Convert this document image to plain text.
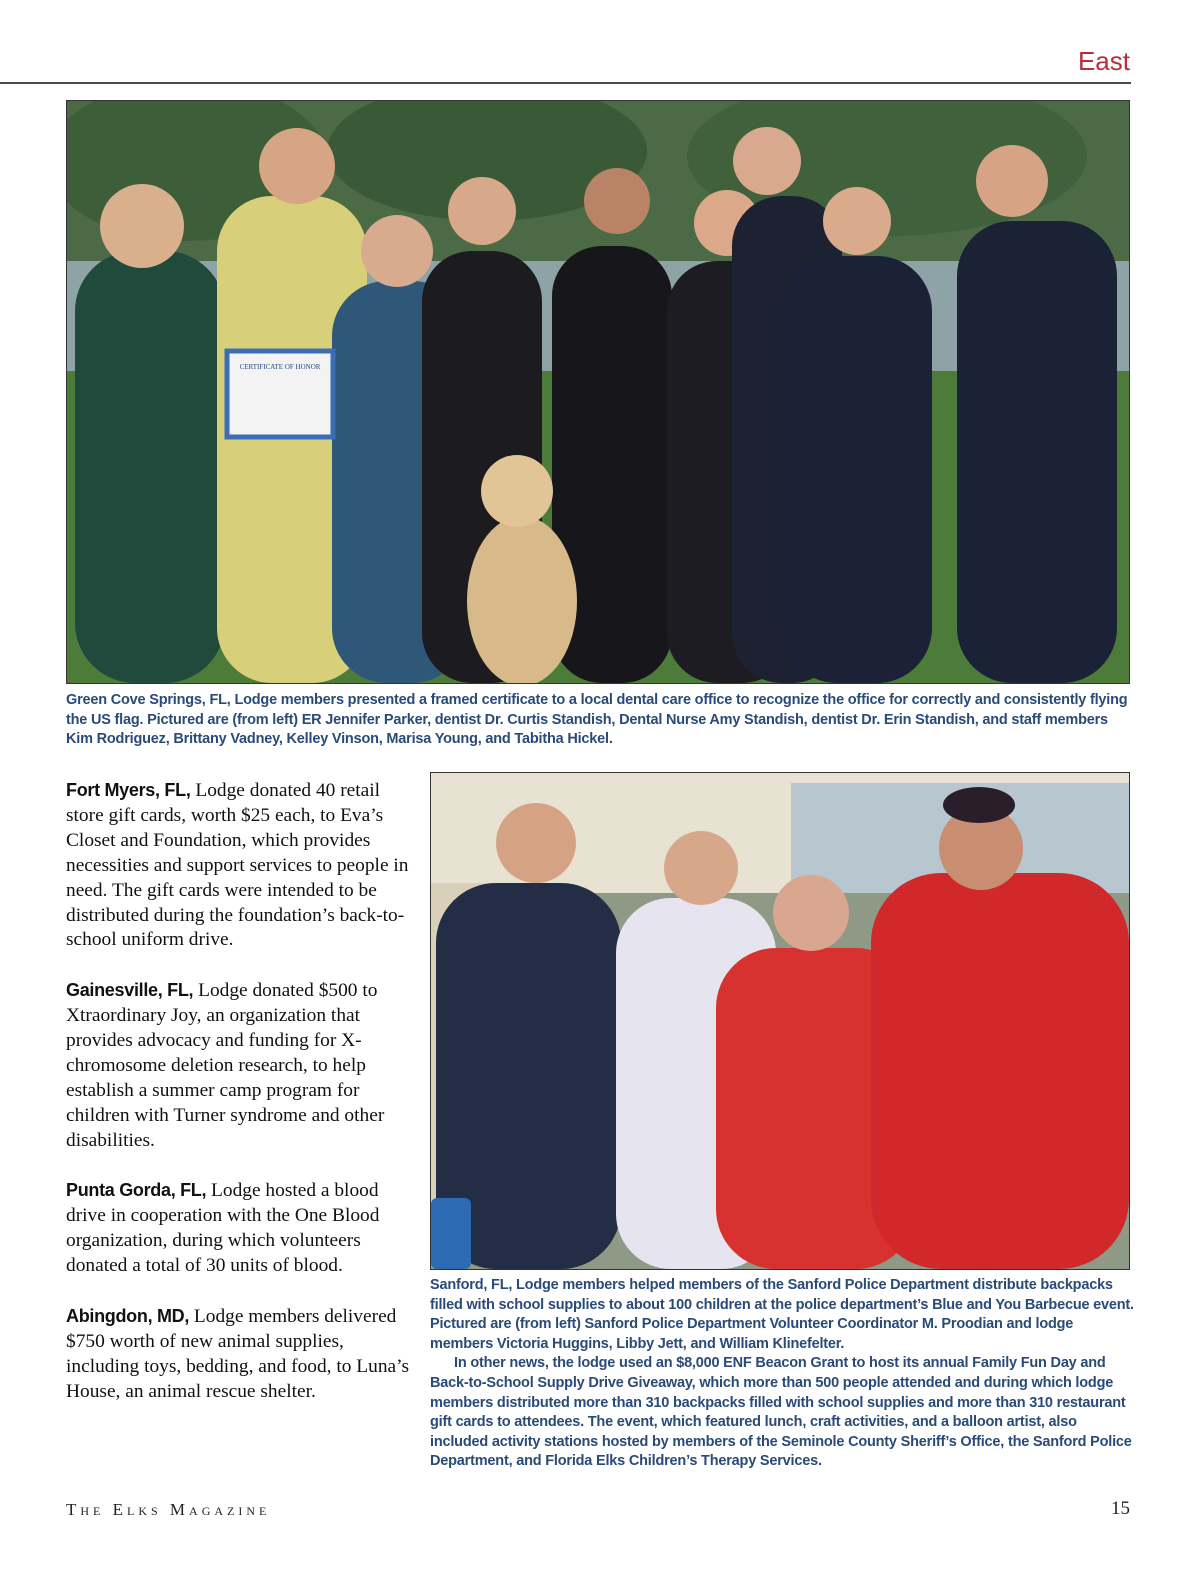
East
CERTIFICATE OF HONOR
Green Cove Springs, FL, Lodge members presented a framed certificate to a local dental care office to recognize the office for correctly and consistently flying the US flag. Pictured are (from left) ER Jennifer Parker, dentist Dr. Curtis Standish, Dental Nurse Amy Standish, dentist Dr. Erin Standish, and staff members Kim Rodriguez, Brittany Vadney, Kelley Vinson, Marisa Young, and Tabitha Hickel.

Fort Myers, FL, Lodge donated 40 retail store gift cards, worth $25 each, to Eva’s Closet and Foundation, which provides necessities and support services to people in need. The gift cards were intended to be distributed during the foundation’s back-to-school uniform drive.

Gainesville, FL, Lodge donated $500 to Xtraordinary Joy, an organization that provides advocacy and funding for X-chromosome deletion research, to help establish a summer camp program for children with Turner syndrome and other disabilities.

Punta Gorda, FL, Lodge hosted a blood drive in cooperation with the One Blood organization, during which volunteers donated a total of 30 units of blood.

Abingdon, MD, Lodge members delivered $750 worth of new animal supplies, including toys, bedding, and food, to Luna’s House, an animal rescue shelter.

Sanford, FL, Lodge members helped members of the Sanford Police Department distribute backpacks filled with school supplies to about 100 children at the police department’s Blue and You Barbecue event. Pictured are (from left) Sanford Police Department Volunteer Coordinator M. Proodian and lodge members Victoria Huggins, Libby Jett, and William Klinefelter.

In other news, the lodge used an $8,000 ENF Beacon Grant to host its annual Family Fun Day and Back-to-School Supply Drive Giveaway, which more than 500 people attended and during which lodge members distributed more than 310 backpacks filled with school supplies and more than 310 restaurant gift cards to attendees. The event, which featured lunch, craft activities, and a balloon artist, also included activity stations hosted by members of the Seminole County Sheriff’s Office, the Sanford Police Department, and Florida Elks Children’s Therapy Services.

The Elks Magazine	15
